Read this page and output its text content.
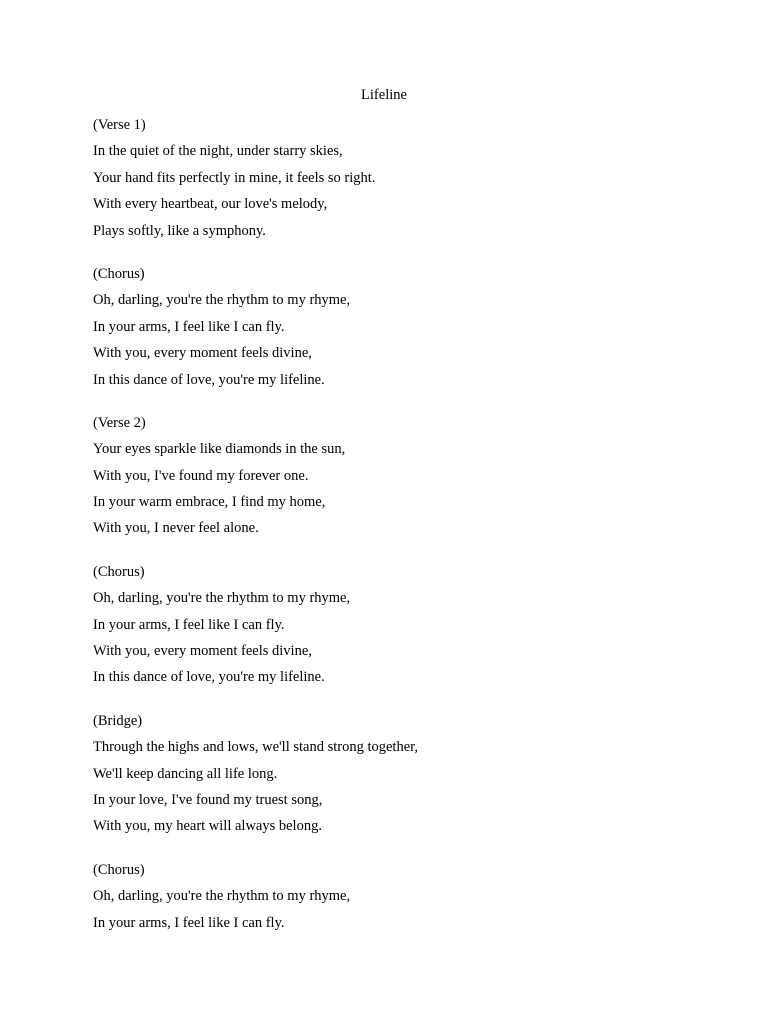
Lifeline
(Verse 1)
In the quiet of the night, under starry skies,
Your hand fits perfectly in mine, it feels so right.
With every heartbeat, our love's melody,
Plays softly, like a symphony.
(Chorus)
Oh, darling, you're the rhythm to my rhyme,
In your arms, I feel like I can fly.
With you, every moment feels divine,
In this dance of love, you're my lifeline.
(Verse 2)
Your eyes sparkle like diamonds in the sun,
With you, I've found my forever one.
In your warm embrace, I find my home,
With you, I never feel alone.
(Chorus)
Oh, darling, you're the rhythm to my rhyme,
In your arms, I feel like I can fly.
With you, every moment feels divine,
In this dance of love, you're my lifeline.
(Bridge)
Through the highs and lows, we'll stand strong together,
We'll keep dancing all life long.
In your love, I've found my truest song,
With you, my heart will always belong.
(Chorus)
Oh, darling, you're the rhythm to my rhyme,
In your arms, I feel like I can fly.
